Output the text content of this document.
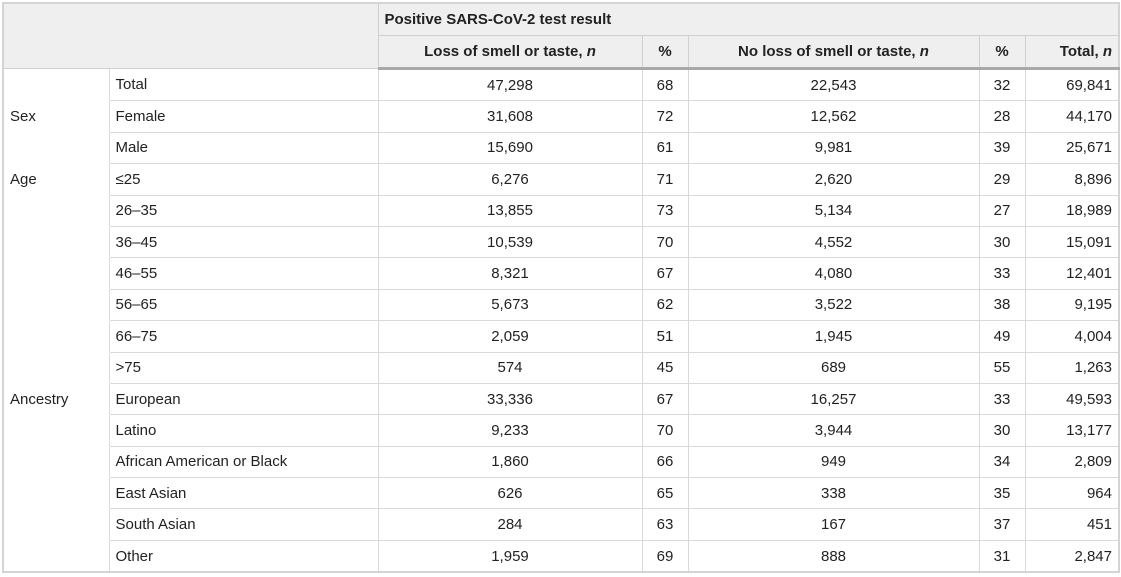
		Positive SARS-CoV-2 test result				
		Loss of smell or taste, n	%	No loss of smell or taste, n	%	Total, n
	Total	47,298	68	22,543	32	69,841
Sex	Female	31,608	72	12,562	28	44,170
	Male	15,690	61	9,981	39	25,671
Age	≤25	6,276	71	2,620	29	8,896
	26–35	13,855	73	5,134	27	18,989
	36–45	10,539	70	4,552	30	15,091
	46–55	8,321	67	4,080	33	12,401
	56–65	5,673	62	3,522	38	9,195
	66–75	2,059	51	1,945	49	4,004
	>75	574	45	689	55	1,263
Ancestry	European	33,336	67	16,257	33	49,593
	Latino	9,233	70	3,944	30	13,177
	African American or Black	1,860	66	949	34	2,809
	East Asian	626	65	338	35	964
	South Asian	284	63	167	37	451
	Other	1,959	69	888	31	2,847
